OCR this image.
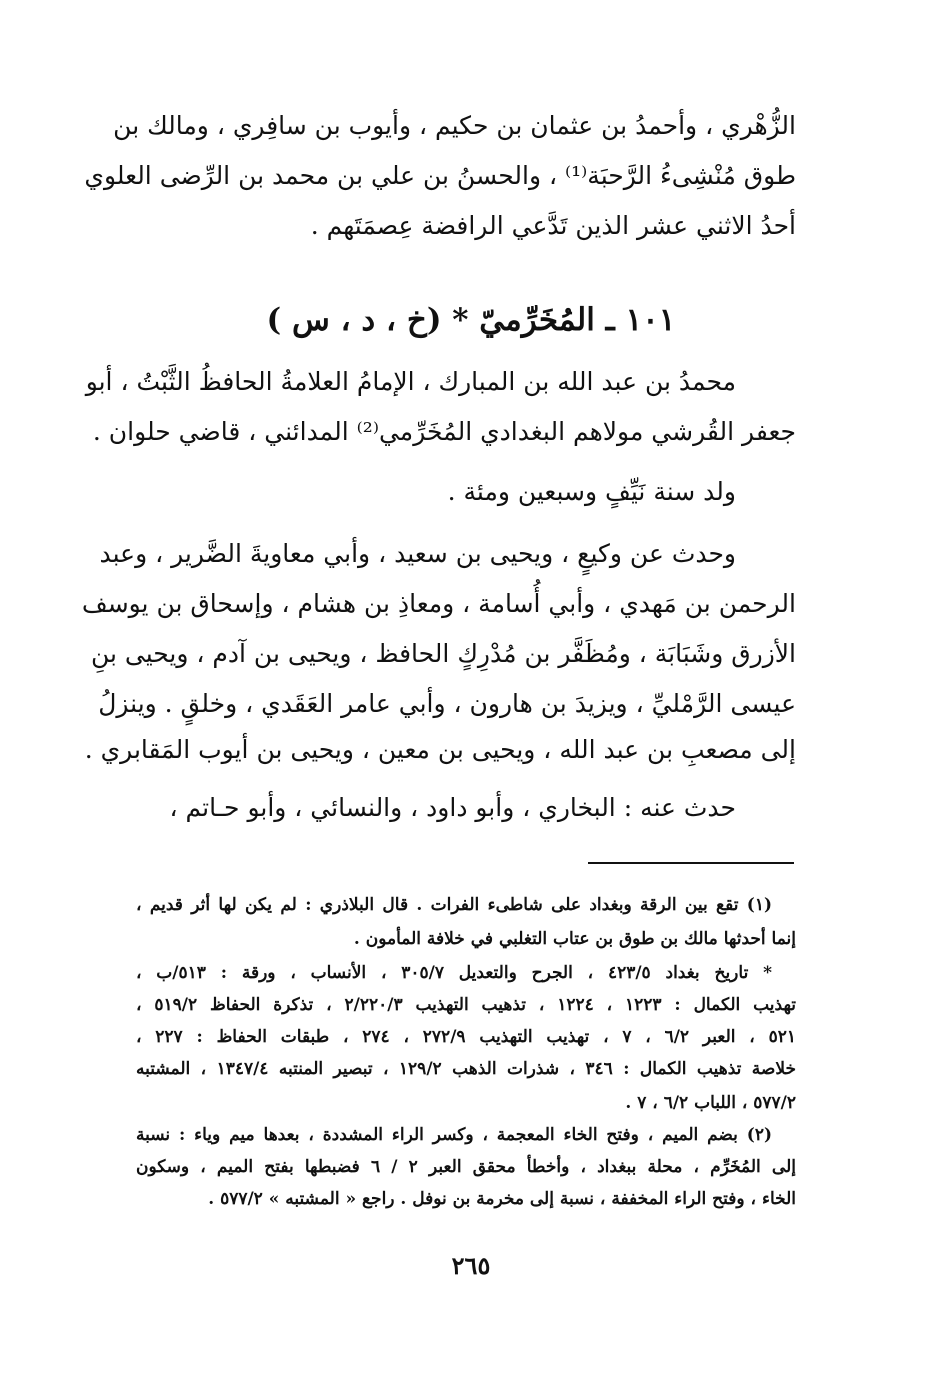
الزُّهْري ، وأحمدُ بن عثمان بن حكيم ، وأيوب بن سافِري ، ومالك بن
طوق مُنْشِىءُ الرَّحبَة⁽¹⁾ ، والحسنُ بن علي بن محمد بن الرِّضى العلوي
أحدُ الاثني عشر الذين تَدَّعي الرافضة عِصمَتَهم .
١٠١ ـ المُخَرِّميّ * (خ ، د ، س )
محمدُ بن عبد الله بن المبارك ، الإمامُ العلامةُ الحافظُ الثَّبْتُ ، أبو
جعفر القُرشي مولاهم البغدادي المُخَرِّمي⁽²⁾ المدائني ، قاضي حلوان .
ولد سنة نَيِّفٍ وسبعين ومئة .
وحدث عن وكيعٍ ، ويحيى بن سعيد ، وأبي معاويةَ الضَّرير ، وعبد
الرحمن بن مَهدي ، وأبي أُسامة ، ومعاذِ بن هشام ، وإسحاق بن يوسف
الأزرق وشَبَابَة ، ومُظَفَّر بن مُدْرِكٍ الحافظ ، ويحيى بن آدم ، ويحيى بنِ
عيسى الرَّمْليِّ ، ويزيدَ بن هارون ، وأبي عامر العَقَدي ، وخلقٍ . وينزلُ
إلى مصعبِ بن عبد الله ، ويحيى بن معين ، ويحيى بن أيوب المَقابري .
حدث عنه : البخاري ، وأبو داود ، والنسائي ، وأبو حـاتم ،
(١) تقع بين الرقة وبغداد على شاطىء الفرات . قال البلاذري : لم يكن لها أثر قديم ،
إنما أحدثها مالك بن طوق بن عتاب التغلبي في خلافة المأمون .
* تاريخ بغداد ٤٢٣/٥ ، الجرح والتعديل ٣٠٥/٧ ، الأنساب ، ورقة : ٥١٣/ب ،
تهذيب الكمال : ١٢٢٣ ، ١٢٢٤ ، تذهيب التهذيب ٢/٢٢٠/٣ ، تذكرة الحفاظ ٥١٩/٢ ،
٥٢١ ، العبر ٦/٢ ، ٧ ، تهذيب التهذيب ٢٧٢/٩ ، ٢٧٤ ، طبقات الحفاظ : ٢٢٧ ،
خلاصة تذهيب الكمال : ٣٤٦ ، شذرات الذهب ١٢٩/٢ ، تبصير المنتبه ١٣٤٧/٤ ، المشتبه
٥٧٧/٢ ، اللباب ٦/٢ ، ٧ .
(٢) بضم الميم ، وفتح الخاء المعجمة ، وكسر الراء المشددة ، بعدها ميم وياء : نسبة
إلى المُخَرِّم ، محلة ببغداد ، وأخطأ محقق العبر ٢ / ٦ فضبطها بفتح الميم ، وسكون
الخاء ، وفتح الراء المخففة ، نسبة إلى مخرمة بن نوفل . راجع « المشتبه » ٥٧٧/٢ .
٢٦٥
